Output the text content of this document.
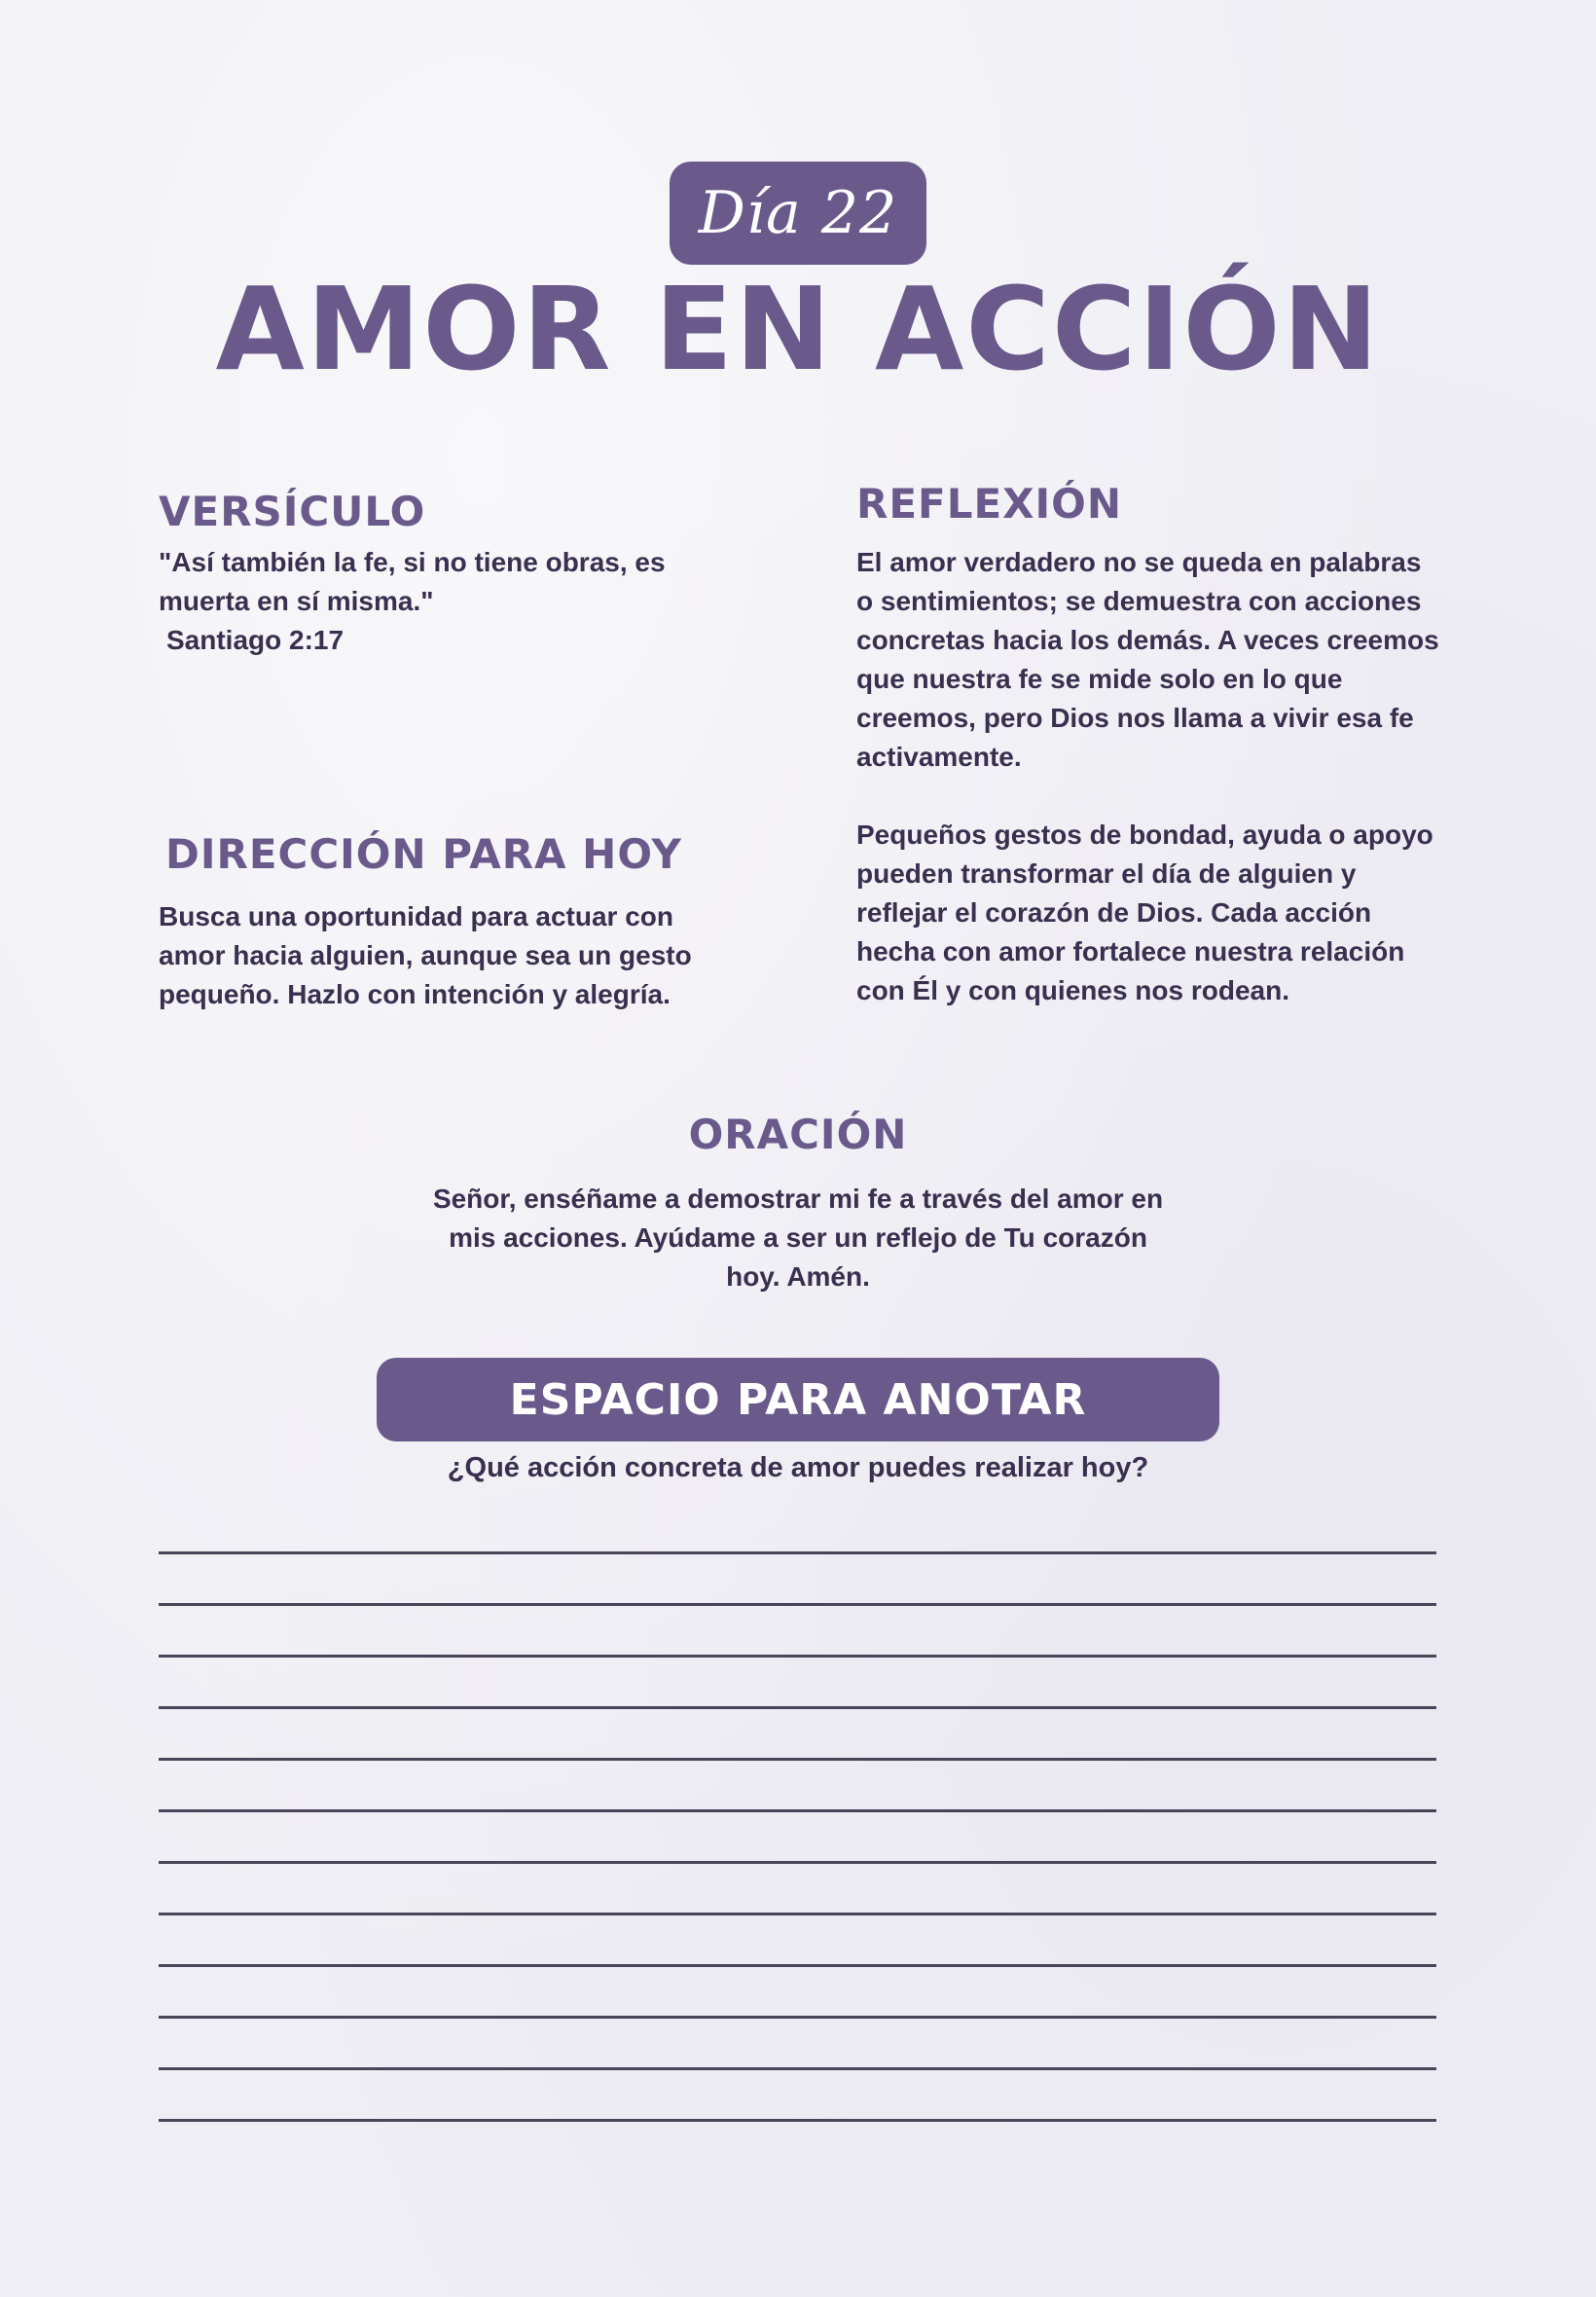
Día 22
AMOR EN ACCIÓN
VERSÍCULO

"Así también la fe, si no tiene obras, es muerta en sí misma."

Santiago 2:17

REFLEXIÓN

El amor verdadero no se queda en palabras o sentimientos; se demuestra con acciones concretas hacia los demás. A veces creemos que nuestra fe se mide solo en lo que creemos, pero Dios nos llama a vivir esa fe activamente.

Pequeños gestos de bondad, ayuda o apoyo pueden transformar el día de alguien y reflejar el corazón de Dios. Cada acción hecha con amor fortalece nuestra relación con Él y con quienes nos rodean.

DIRECCIÓN PARA HOY
Busca una oportunidad para actuar con amor hacia alguien, aunque sea un gesto pequeño. Hazlo con intención y alegría.
ORACIÓN
Señor, enséñame a demostrar mi fe a través del amor en mis acciones. Ayúdame a ser un reflejo de Tu corazón hoy. Amén.
ESPACIO PARA ANOTAR
¿Qué acción concreta de amor puedes realizar hoy?
